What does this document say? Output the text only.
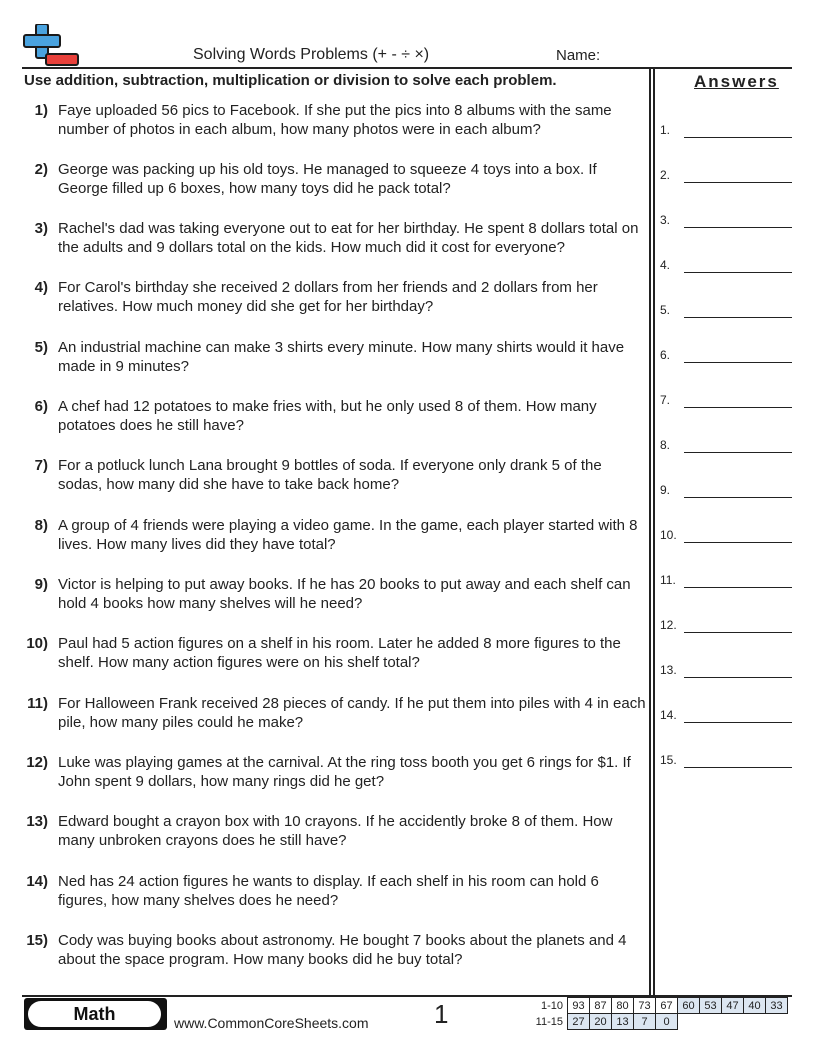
Solving Words Problems (+ - ÷ ×)	Name:
Use addition, subtraction, multiplication or division to solve each problem.	Answers
1) Faye uploaded 56 pics to Facebook. If she put the pics into 8 albums with the same number of photos in each album, how many photos were in each album?
2) George was packing up his old toys. He managed to squeeze 4 toys into a box. If George filled up 6 boxes, how many toys did he pack total?
3) Rachel's dad was taking everyone out to eat for her birthday. He spent 8 dollars total on the adults and 9 dollars total on the kids. How much did it cost for everyone?
4) For Carol's birthday she received 2 dollars from her friends and 2 dollars from her relatives. How much money did she get for her birthday?
5) An industrial machine can make 3 shirts every minute. How many shirts would it have made in 9 minutes?
6) A chef had 12 potatoes to make fries with, but he only used 8 of them. How many potatoes does he still have?
7) For a potluck lunch Lana brought 9 bottles of soda. If everyone only drank 5 of the sodas, how many did she have to take back home?
8) A group of 4 friends were playing a video game. In the game, each player started with 8 lives. How many lives did they have total?
9) Victor is helping to put away books. If he has 20 books to put away and each shelf can hold 4 books how many shelves will he need?
10) Paul had 5 action figures on a shelf in his room. Later he added 8 more figures to the shelf. How many action figures were on his shelf total?
11) For Halloween Frank received 28 pieces of candy. If he put them into piles with 4 in each pile, how many piles could he make?
12) Luke was playing games at the carnival. At the ring toss booth you get 6 rings for $1. If John spent 9 dollars, how many rings did he get?
13) Edward bought a crayon box with 10 crayons. If he accidently broke 8 of them. How many unbroken crayons does he still have?
14) Ned has 24 action figures he wants to display. If each shelf in his room can hold 6 figures, how many shelves does he need?
15) Cody was buying books about astronomy. He bought 7 books about the planets and 4 about the space program. How many books did he buy total?
1.
2.
3.
4.
5.
6.
7.
8.
9.
10.
11.
12.
13.
14.
15.
Math	www.CommonCoreSheets.com	1	1-10	93	87	80	73	67	60	53	47	40	33
11-15	27	20	13	7	0					
